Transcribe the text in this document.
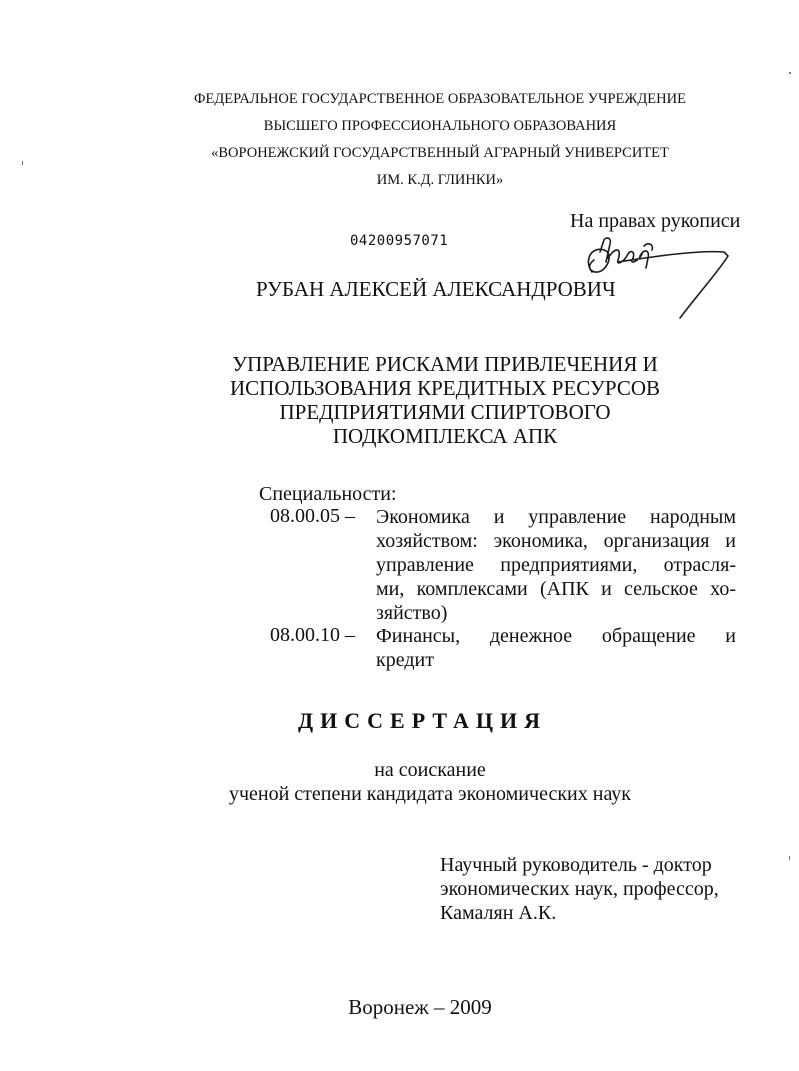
ФЕДЕРАЛЬНОЕ ГОСУДАРСТВЕННОЕ ОБРАЗОВАТЕЛЬНОЕ УЧРЕЖДЕНИЕ
ВЫСШЕГО ПРОФЕССИОНАЛЬНОГО ОБРАЗОВАНИЯ
«ВОРОНЕЖСКИЙ ГОСУДАРСТВЕННЫЙ АГРАРНЫЙ УНИВЕРСИТЕТ
ИМ. К.Д. ГЛИНКИ»
На правах рукописи
04200957071
РУБАН АЛЕКСЕЙ АЛЕКСАНДРОВИЧ
УПРАВЛЕНИЕ РИСКАМИ ПРИВЛЕЧЕНИЯ И
ИСПОЛЬЗОВАНИЯ КРЕДИТНЫХ РЕСУРСОВ
ПРЕДПРИЯТИЯМИ СПИРТОВОГО
ПОДКОМПЛЕКСА АПК
Специальности:
08.00.05 – Экономика и управление народным
хозяйством: экономика, организация и
управление предприятиями, отрасля-
ми, комплексами (АПК и сельское хо-
зяйство)
08.00.10 – Финансы, денежное обращение и
кредит
ДИССЕРТАЦИЯ
на соискание
ученой степени кандидата экономических наук
Научный руководитель - доктор
экономических наук, профессор,
Камалян А.К.
Воронеж – 2009
